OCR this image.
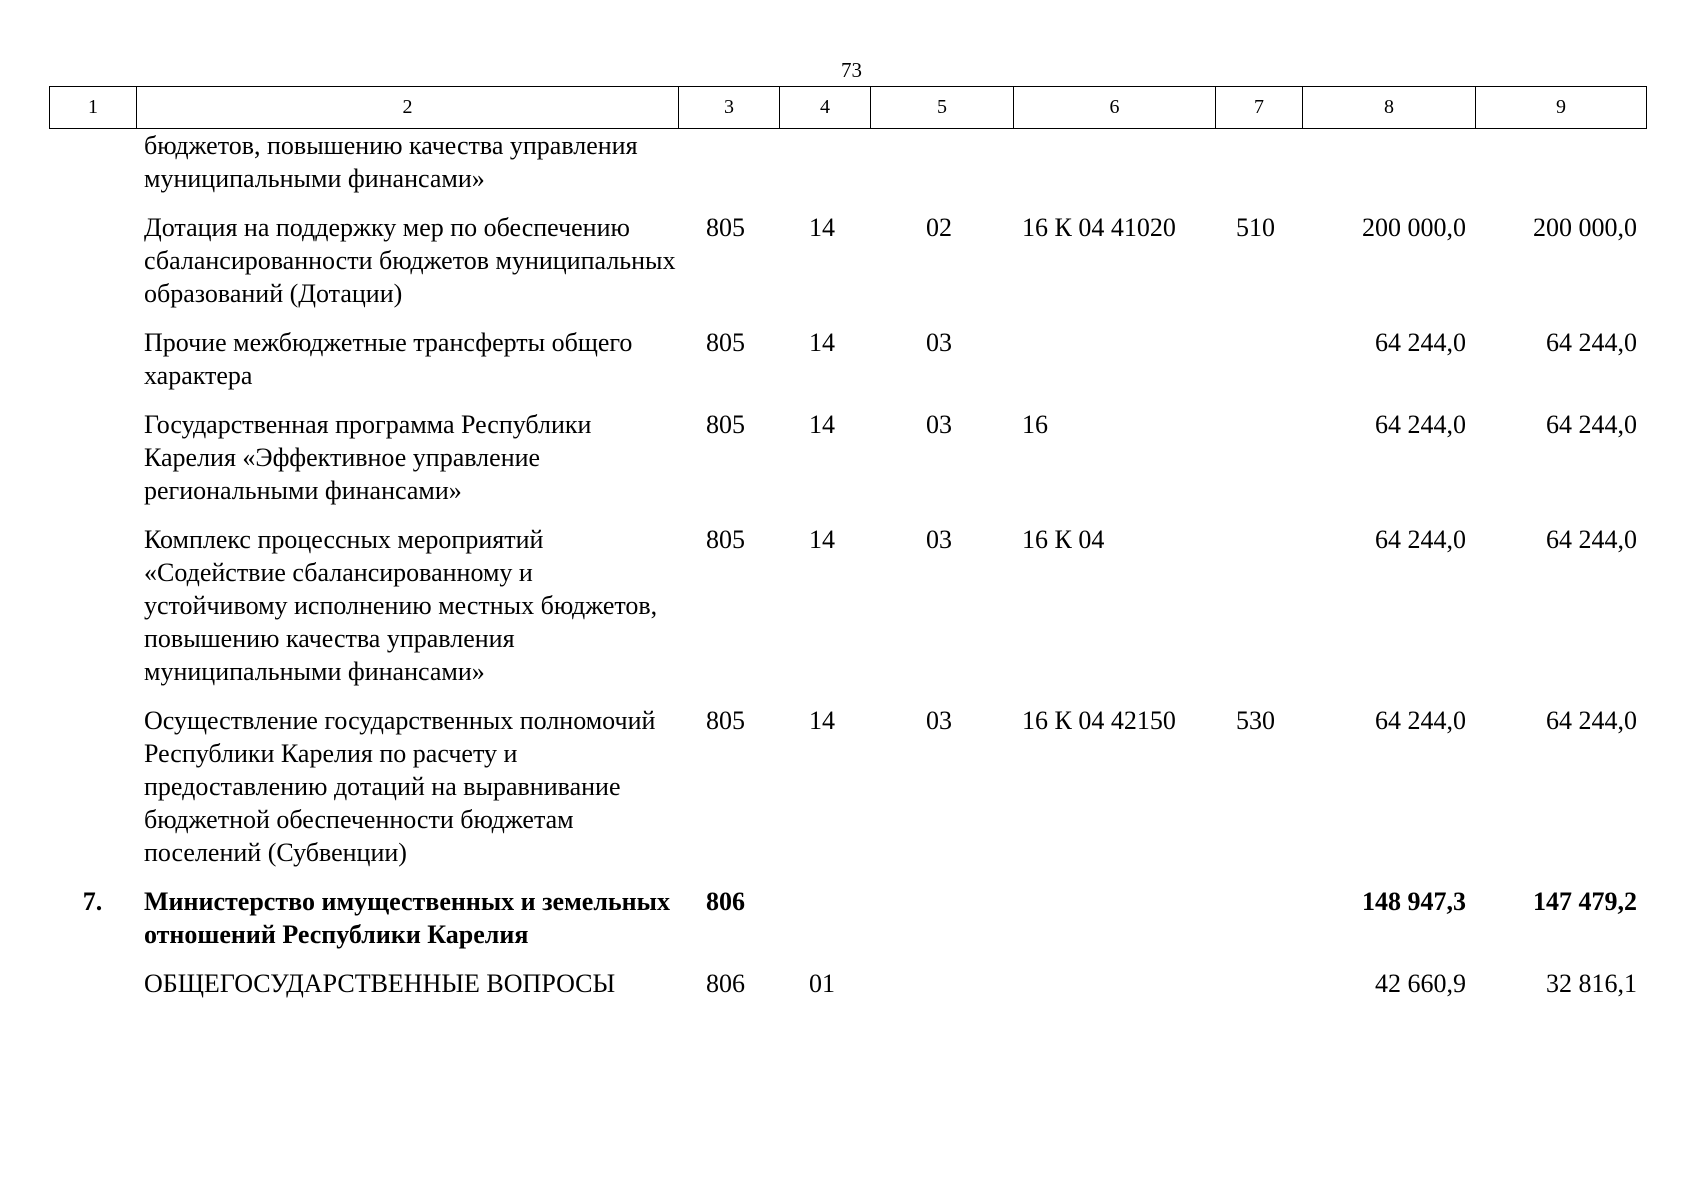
73
1	2	3	4	5	6	7	8	9
	бюджетов, повышению качества управления муниципальными финансами»							
	Дотация на поддержку мер по обеспечению сбалансированности бюджетов муниципальных образований (Дотации)	805	14	02	16 К 04 41020	510	200 000,0	200 000,0
	Прочие межбюджетные трансферты общего характера	805	14	03			64 244,0	64 244,0
	Государственная программа Республики Карелия «Эффективное управление региональными финансами»	805	14	03	16		64 244,0	64 244,0
	Комплекс процессных мероприятий «Содействие сбалансированному и устойчивому исполнению местных бюджетов, повышению качества управления муниципальными финансами»	805	14	03	16 К 04		64 244,0	64 244,0
	Осуществление государственных полномочий Республики Карелия по расчету и предоставлению дотаций на выравнивание бюджетной обеспеченности бюджетам поселений (Субвенции)	805	14	03	16 К 04 42150	530	64 244,0	64 244,0
7.	Министерство имущественных и земельных отношений Республики Карелия	806					148 947,3	147 479,2
	ОБЩЕГОСУДАРСТВЕННЫЕ ВОПРОСЫ	806	01				42 660,9	32 816,1
